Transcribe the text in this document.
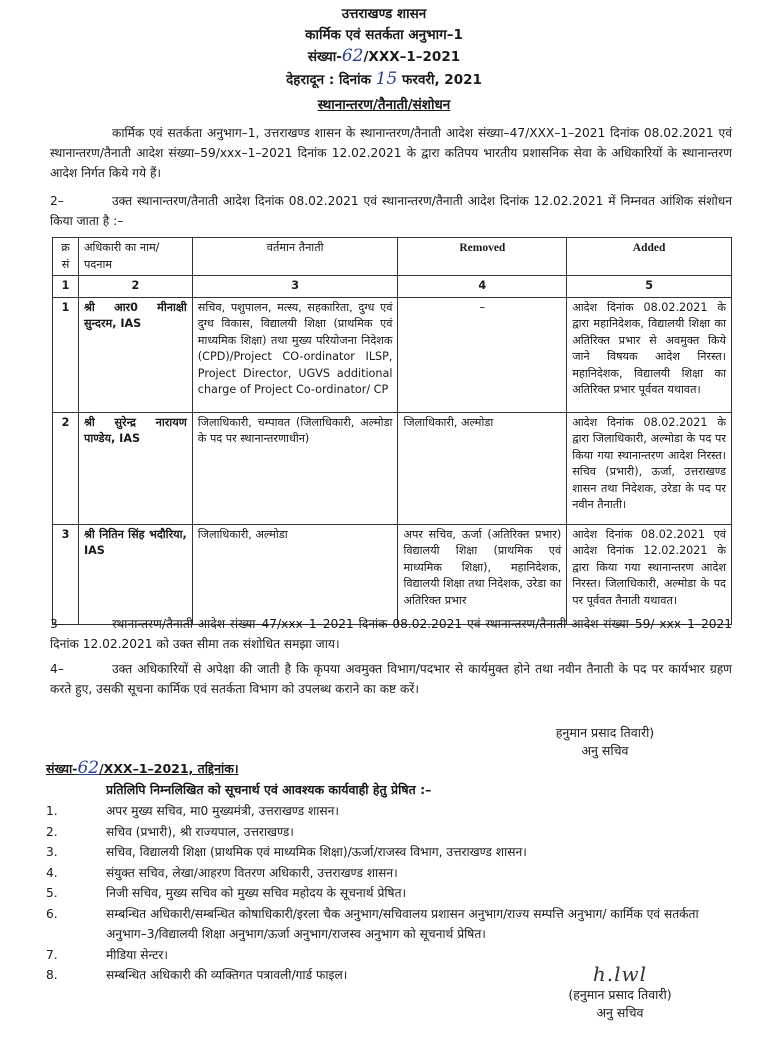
उत्तराखण्ड शासन
कार्मिक एवं सतर्कता अनुभाग–1
संख्या-62/XXX–1–2021
देहरादून : दिनांक 15 फरवरी, 2021
स्थानान्तरण/तैनाती/संशोधन
कार्मिक एवं सतर्कता अनुभाग–1, उत्तराखण्ड शासन के स्थानान्तरण/तैनाती आदेश संख्या–47/XXX–1–2021 दिनांक 08.02.2021 एवं स्थानान्तरण/तैनाती आदेश संख्या–59/xxx–1–2021 दिनांक 12.02.2021 के द्वारा कतिपय भारतीय प्रशासनिक सेवा के अधिकारियों के स्थानान्तरण आदेश निर्गत किये गये हैं।
2–	उक्त स्थानान्तरण/तैनाती आदेश दिनांक 08.02.2021 एवं स्थानान्तरण/तैनाती आदेश दिनांक 12.02.2021 में निम्नवत आंशिक संशोधन किया जाता है :–
क्र सं	अधिकारी का नाम/ पदनाम	वर्तमान तैनाती	Removed	Added
1	2	3	4	5
1	श्री आर0 मीनाक्षी सुन्दरम, IAS	सचिव, पशुपालन, मत्स्य, सहकारिता, दुग्ध एवं दुग्ध विकास, विद्यालयी शिक्षा (प्राथमिक एवं माध्यमिक शिक्षा) तथा मुख्य परियोजना निदेशक (CPD)/Project CO-ordinator ILSP, Project Director, UGVS additional charge of Project Co-ordinator/ CP	–	आदेश दिनांक 08.02.2021 के द्वारा महानिदेशक, विद्यालयी शिक्षा का अतिरिक्त प्रभार से अवमुक्त किये जाने विषयक आदेश निरस्त। महानिदेशक, विद्यालयी शिक्षा का अतिरिक्त प्रभार पूर्ववत यथावत।
2	श्री सुरेन्द्र नारायण पाण्डेय, IAS	जिलाधिकारी, चम्पावत (जिलाधिकारी, अल्मोडा के पद पर स्थानान्तरणाधीन)	जिलाधिकारी, अल्मोडा	आदेश दिनांक 08.02.2021 के द्वारा जिलाधिकारी, अल्मोडा के पद पर किया गया स्थानान्तरण आदेश निरस्त। सचिव (प्रभारी), ऊर्जा, उत्तराखण्ड शासन तथा निदेशक, उरेडा के पद पर नवीन तैनाती।
3	श्री नितिन सिंह भदौरिया, IAS	जिलाधिकारी, अल्मोडा	अपर सचिव, ऊर्जा (अतिरिक्त प्रभार) विद्यालयी शिक्षा (प्राथमिक एवं माध्यमिक शिक्षा), महानिदेशक, विद्यालयी शिक्षा तथा निदेशक, उरेडा का अतिरिक्त प्रभार	आदेश दिनांक 08.02.2021 एवं आदेश दिनांक 12.02.2021 के द्वारा किया गया स्थानान्तरण आदेश निरस्त। जिलाधिकारी, अल्मोडा के पद पर पूर्ववत तैनाती यथावत।
3–	स्थानान्तरण/तैनाती आदेश संख्या–47/xxx–1–2021 दिनांक 08.02.2021 एवं स्थानान्तरण/तैनाती आदेश संख्या–59/ xxx–1–2021 दिनांक 12.02.2021 को उक्त सीमा तक संशोधित समझा जाय।
4–	उक्त अधिकारियों से अपेक्षा की जाती है कि कृपया अवमुक्त विभाग/पदभार से कार्यमुक्त होने तथा नवीन तैनाती के पद पर कार्यभार ग्रहण करते हुए, उसकी सूचना कार्मिक एवं सतर्कता विभाग को उपलब्ध कराने का कष्ट करें।
हनुमान प्रसाद तिवारी)
अनु सचिव
संख्या-62/XXX–1–2021, तद्दिनांक।
प्रतिलिपि निम्नलिखित को सूचनार्थ एवं आवश्यक कार्यवाही हेतु प्रेषित :–
1.	अपर मुख्य सचिव, मा0 मुख्यमंत्री, उत्तराखण्ड शासन।
2.	सचिव (प्रभारी), श्री राज्यपाल, उत्तराखण्ड।
3.	सचिव, विद्यालयी शिक्षा (प्राथमिक एवं माध्यमिक शिक्षा)/ऊर्जा/राजस्व विभाग, उत्तराखण्ड शासन।
4.	संयुक्त सचिव, लेखा/आहरण वितरण अधिकारी, उत्तराखण्ड शासन।
5.	निजी सचिव, मुख्य सचिव को मुख्य सचिव महोदय के सूचनार्थ प्रेषित।
6.	सम्बन्धित अधिकारी/सम्बन्धित कोषाधिकारी/इरला चैक अनुभाग/सचिवालय प्रशासन अनुभाग/राज्य सम्पत्ति अनुभाग/ कार्मिक एवं सतर्कता अनुभाग–3/विद्यालयी शिक्षा अनुभाग/ऊर्जा अनुभाग/राजस्व अनुभाग को सूचनार्थ प्रेषित।
7.	मीडिया सेन्टर।
8.	सम्बन्धित अधिकारी की व्यक्तिगत पत्रावली/गार्ड फाइल।	h.lwl
(हनुमान प्रसाद तिवारी)
अनु सचिव
